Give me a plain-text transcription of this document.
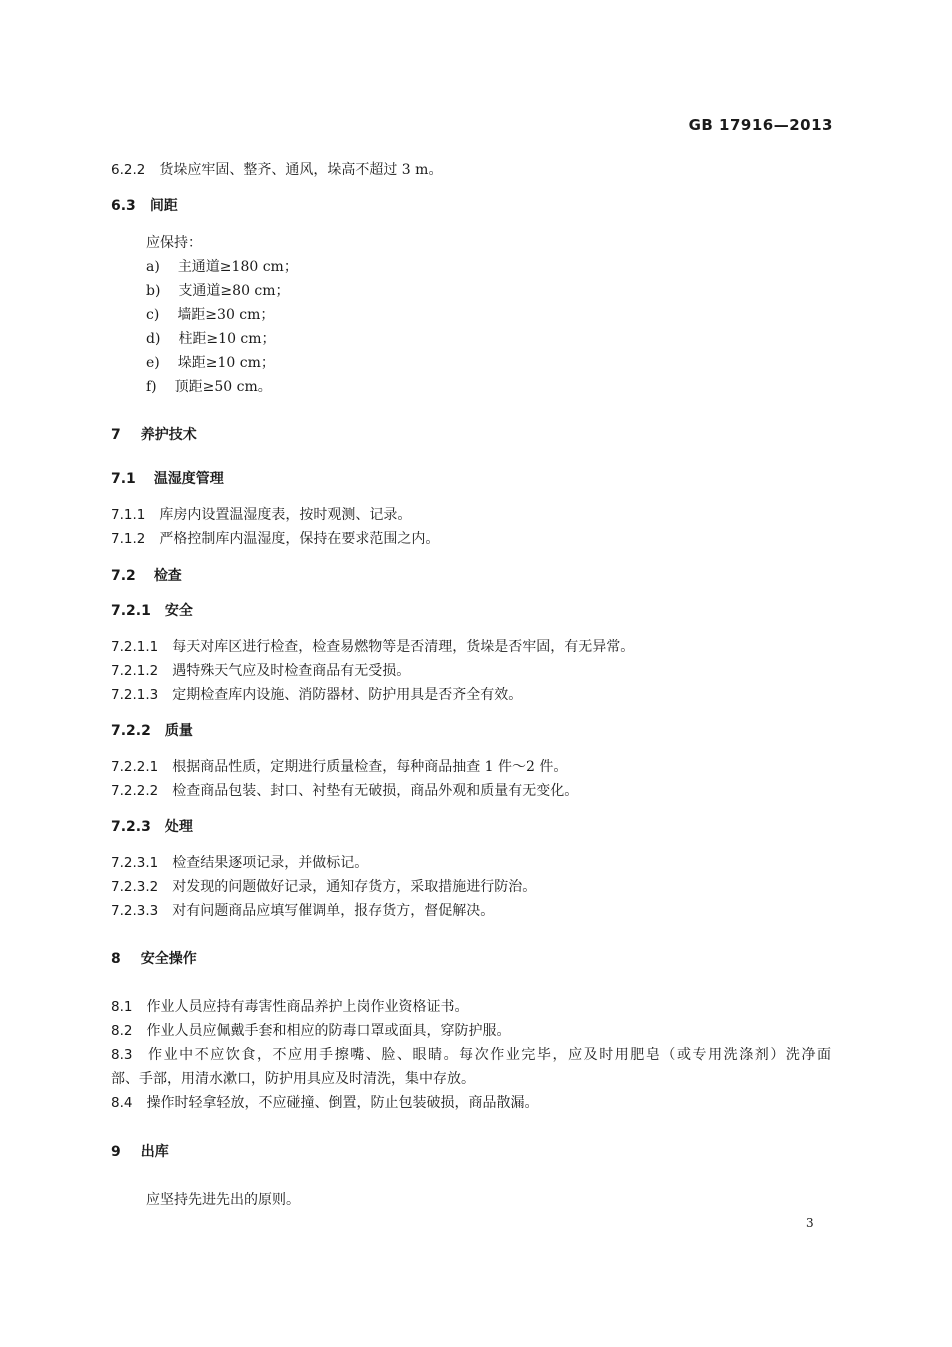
GB 17916—2013
6.2.2 货垛应牢固、整齐、通风，垛高不超过 3 m。
6.3 间距
应保持：
a) 主通道≥180 cm；
b) 支通道≥80 cm；
c) 墙距≥30 cm；
d) 柱距≥10 cm；
e) 垛距≥10 cm；
f) 顶距≥50 cm。
7 养护技术
7.1 温湿度管理
7.1.1 库房内设置温湿度表，按时观测、记录。
7.1.2 严格控制库内温湿度，保持在要求范围之内。
7.2 检查
7.2.1 安全
7.2.1.1 每天对库区进行检查，检查易燃物等是否清理，货垛是否牢固，有无异常。
7.2.1.2 遇特殊天气应及时检查商品有无受损。
7.2.1.3 定期检查库内设施、消防器材、防护用具是否齐全有效。
7.2.2 质量
7.2.2.1 根据商品性质，定期进行质量检查，每种商品抽查 1 件～2 件。
7.2.2.2 检查商品包装、封口、衬垫有无破损，商品外观和质量有无变化。
7.2.3 处理
7.2.3.1 检查结果逐项记录，并做标记。
7.2.3.2 对发现的问题做好记录，通知存货方，采取措施进行防治。
7.2.3.3 对有问题商品应填写催调单，报存货方，督促解决。
8 安全操作
8.1 作业人员应持有毒害性商品养护上岗作业资格证书。
8.2 作业人员应佩戴手套和相应的防毒口罩或面具，穿防护服。
8.3 作业中不应饮食，不应用手擦嘴、脸、眼睛。每次作业完毕，应及时用肥皂（或专用洗涤剂）洗净面
部、手部，用清水漱口，防护用具应及时清洗，集中存放。
8.4 操作时轻拿轻放，不应碰撞、倒置，防止包装破损，商品散漏。
9 出库
应坚持先进先出的原则。
3
